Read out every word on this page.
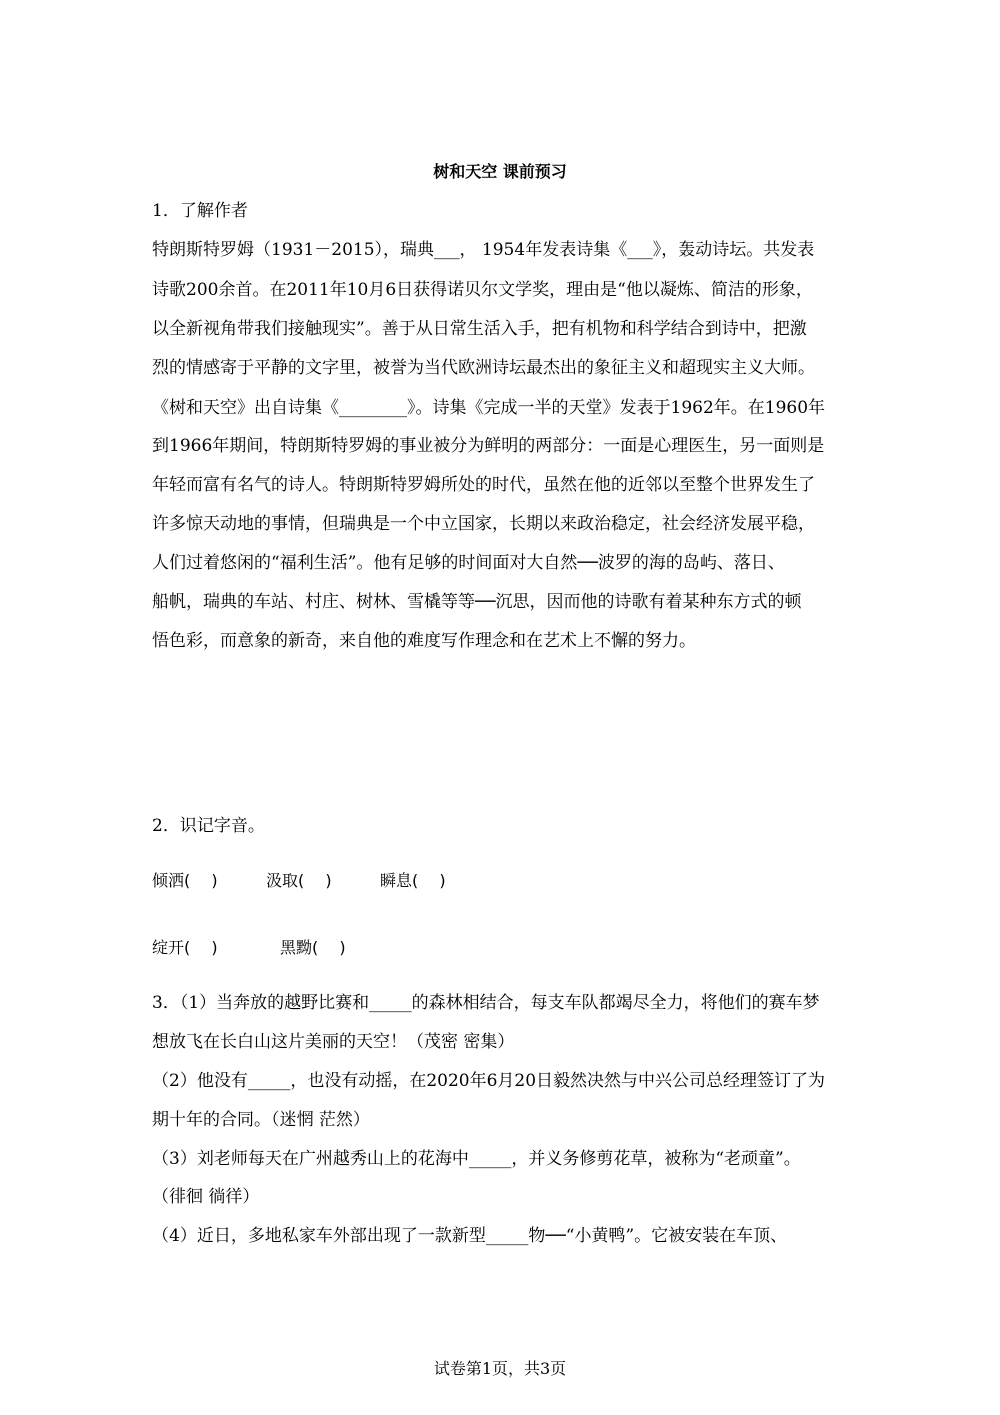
树和天空 课前预习
1．了解作者
特朗斯特罗姆（1931－2015），瑞典___， 1954年发表诗集《___》，轰动诗坛。共发表
诗歌200余首。在2011年10月6日获得诺贝尔文学奖，理由是“他以凝炼、简洁的形象，
以全新视角带我们接触现实”。善于从日常生活入手，把有机物和科学结合到诗中，把激
烈的情感寄于平静的文字里，被誉为当代欧洲诗坛最杰出的象征主义和超现实主义大师。
《树和天空》出自诗集《________》。诗集《完成一半的天堂》发表于1962年。在1960年
到1966年期间，特朗斯特罗姆的事业被分为鲜明的两部分：一面是心理医生，另一面则是
年轻而富有名气的诗人。特朗斯特罗姆所处的时代，虽然在他的近邻以至整个世界发生了
许多惊天动地的事情，但瑞典是一个中立国家，长期以来政治稳定，社会经济发展平稳，
人们过着悠闲的“福利生活”。他有足够的时间面对大自然──波罗的海的岛屿、落日、
船帆，瑞典的车站、村庄、树林、雪橇等等──沉思，因而他的诗歌有着某种东方式的顿
悟色彩，而意象的新奇，来自他的难度写作理念和在艺术上不懈的努力。
2．识记字音。
倾洒(　 )	汲取(　 )	瞬息(　 )
绽开(　 )	黑黝(　 )
3．（1）当奔放的越野比赛和_____的森林相结合，每支车队都竭尽全力，将他们的赛车梦
想放飞在长白山这片美丽的天空！（茂密 密集）
（2）他没有_____，也没有动摇，在2020年6月20日毅然决然与中兴公司总经理签订了为
期十年的合同。（迷惘 茫然）
（3）刘老师每天在广州越秀山上的花海中_____，并义务修剪花草，被称为“老顽童”。
（徘徊 徜徉）
（4）近日，多地私家车外部出现了一款新型_____物──“小黄鸭”。它被安装在车顶、
试卷第1页，共3页
